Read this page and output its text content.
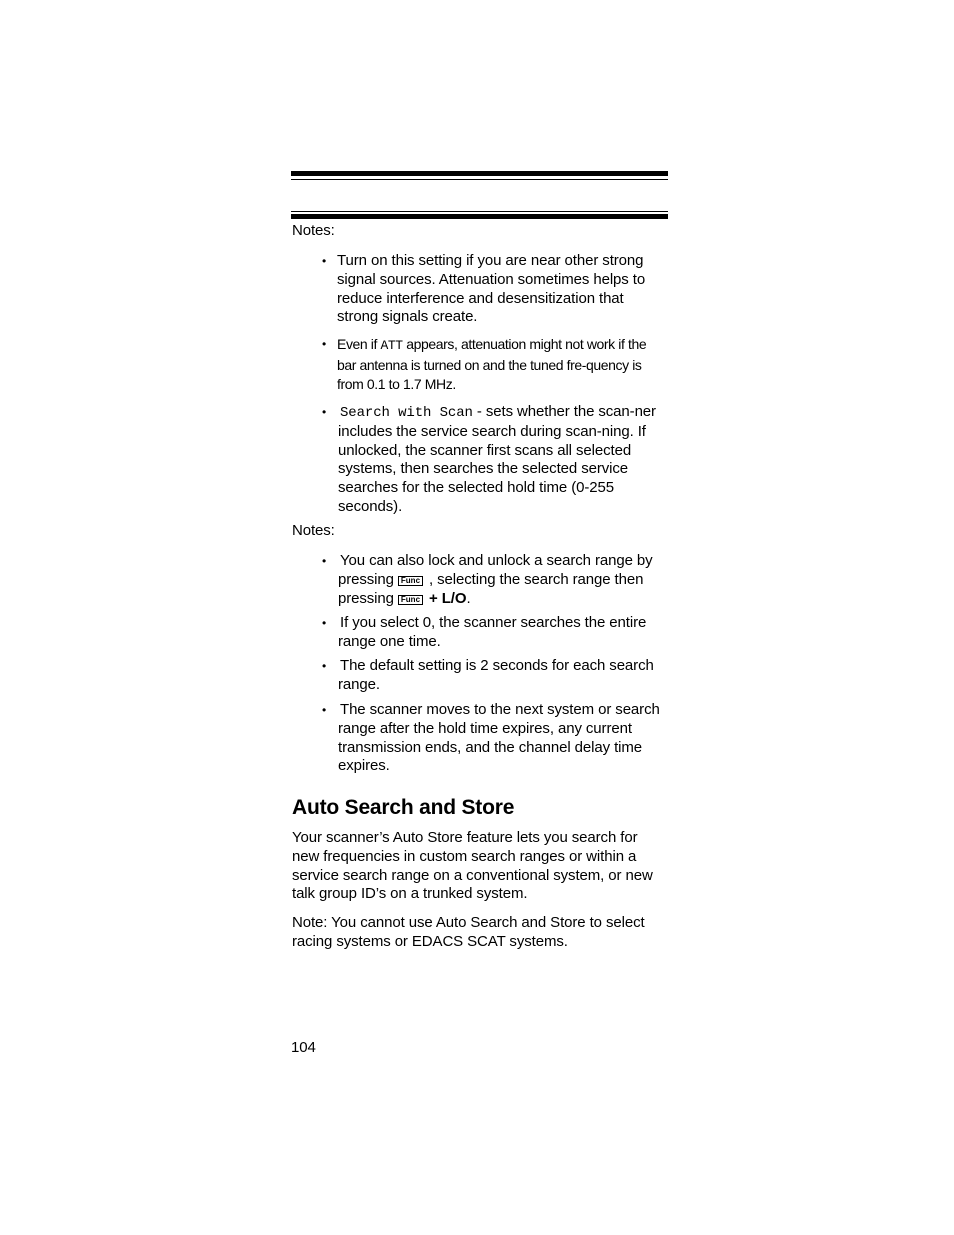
Notes:

• Turn on this setting if you are near other strong signal sources. Attenuation sometimes helps to reduce interference and desensitization that strong signals create.

• Even if ATT appears, attenuation might not work if the bar antenna is turned on and the tuned fre-quency is from 0.1 to 1.7 MHz.

• Search with Scan - sets whether the scan-ner includes the service search during scan-ning. If unlocked, the scanner first scans all selected systems, then searches the selected service searches for the selected hold time (0-255 seconds).

Notes:

• You can also lock and unlock a search range by pressing Func , selecting the search range then pressing Func + L/O.

• If you select 0, the scanner searches the entire range one time.

• The default setting is 2 seconds for each search range.

• The scanner moves to the next system or search range after the hold time expires, any current transmission ends, and the channel delay time expires.

Auto Search and Store

Your scanner’s Auto Store feature lets you search for new frequencies in custom search ranges or within a service search range on a conventional system, or new talk group ID’s on a trunked system.

Note: You cannot use Auto Search and Store to select racing systems or EDACS SCAT systems.

104
